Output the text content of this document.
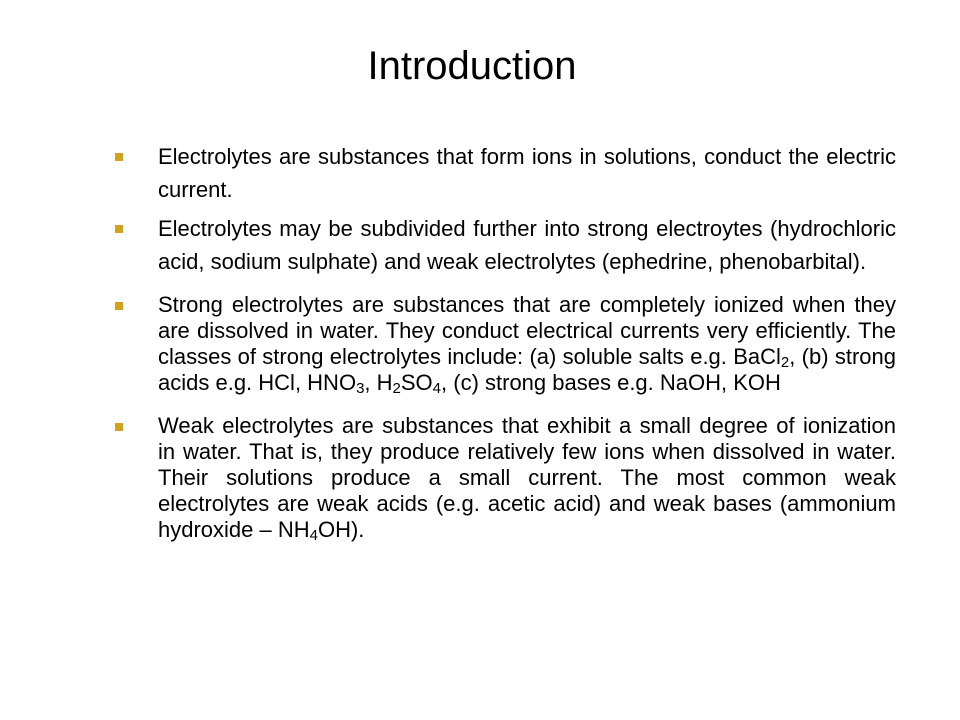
Introduction
Electrolytes are substances that form ions in solutions, conduct the electric current.
Electrolytes may be subdivided further into strong electroytes (hydrochloric acid, sodium sulphate) and weak electrolytes (ephedrine, phenobarbital).
Strong electrolytes are substances that are completely ionized when they are dissolved in water. They conduct electrical currents very efficiently. The classes of strong electrolytes include: (a) soluble salts e.g. BaCl$_2$, (b) strong acids e.g. HCl, $HNO_3$, $H_2SO_4$, (c) strong bases e.g. NaOH, KOH
Weak electrolytes are substances that exhibit a small degree of ionization in water. That is, they produce relatively few ions when dissolved in water. Their solutions produce a small current. The most common weak electrolytes are weak acids (e.g. acetic acid) and weak bases (ammonium hydroxide – $NH_4OH$).
